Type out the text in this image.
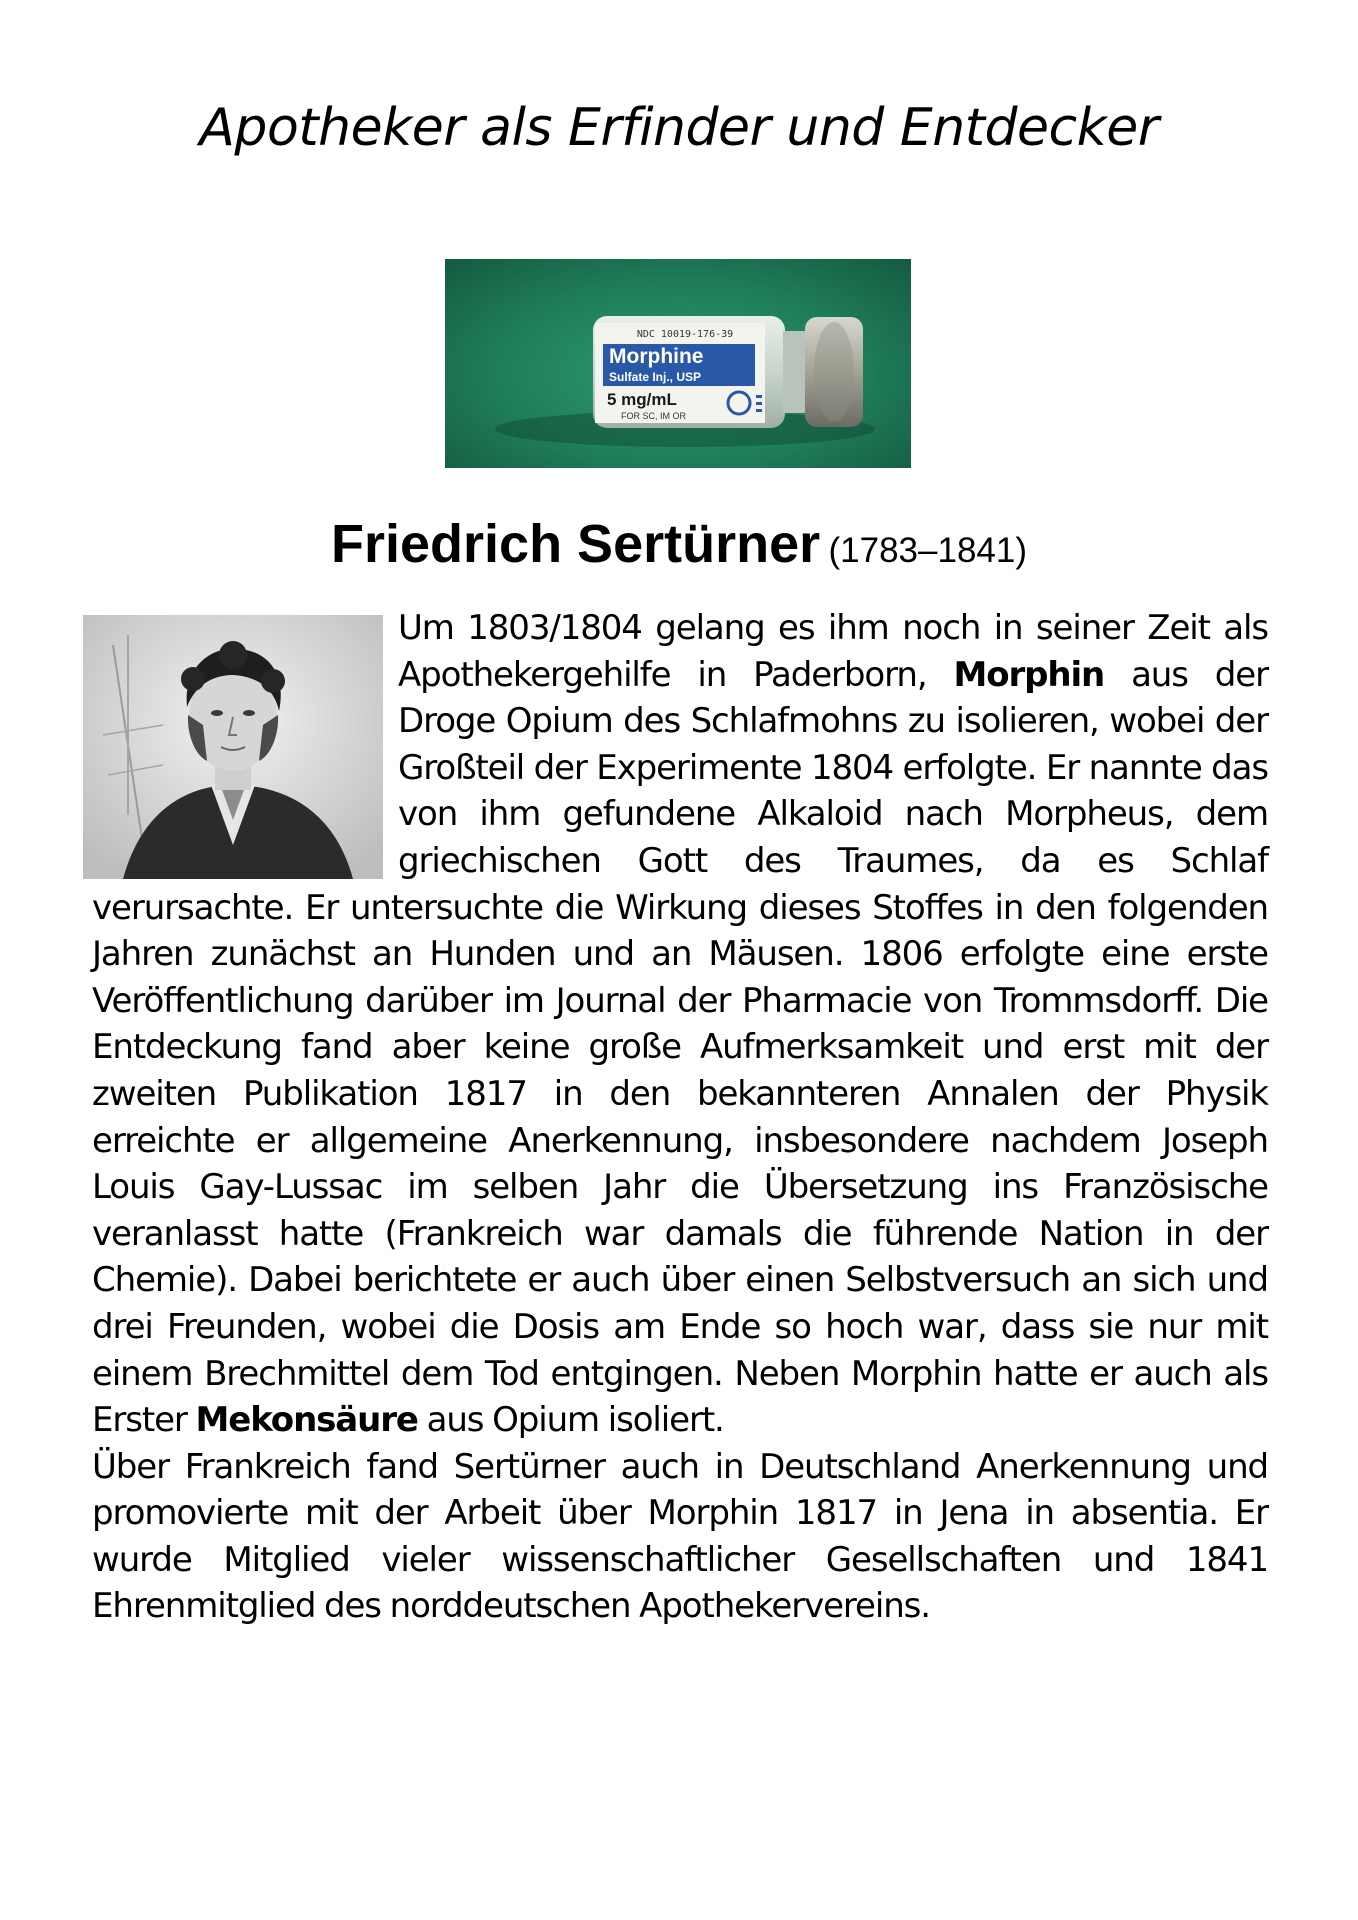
Apotheker als Erfinder und Entdecker
NDC 10019-176-39
Morphine
Sulfate Inj., USP
5 mg/mL
FOR SC, IM OR
Friedrich Sertürner (1783–1841)

Um 1803/1804 gelang es ihm noch in seiner Zeit als Apothekergehilfe in Paderborn, Morphin aus der Droge Opium des Schlafmohns zu isolieren, wobei der Großteil der Experimente 1804 erfolgte. Er nannte das von ihm gefundene Alkaloid nach Morpheus, dem griechischen Gott des Traumes, da es Schlaf verursachte. Er untersuchte die Wirkung dieses Stoffes in den folgenden Jahren zunächst an Hunden und an Mäusen. 1806 erfolgte eine erste Veröffentlichung darüber im Journal der Pharmacie von Trommsdorff. Die Entdeckung fand aber keine große Aufmerksamkeit und erst mit der zweiten Publikation 1817 in den bekannteren Annalen der Physik erreichte er allgemeine Anerkennung, insbesondere nachdem Joseph Louis Gay-Lussac im selben Jahr die Übersetzung ins Französische veranlasst hatte (Frankreich war damals die führende Nation in der Chemie). Dabei berichtete er auch über einen Selbstversuch an sich und drei Freunden, wobei die Dosis am Ende so hoch war, dass sie nur mit einem Brechmittel dem Tod entgingen. Neben Morphin hatte er auch als Erster Mekonsäure aus Opium isoliert.

Über Frankreich fand Sertürner auch in Deutschland Anerkennung und promovierte mit der Arbeit über Morphin 1817 in Jena in absentia. Er wurde Mitglied vieler wissenschaftlicher Gesellschaften und 1841 Ehrenmitglied des norddeutschen Apothekervereins.
